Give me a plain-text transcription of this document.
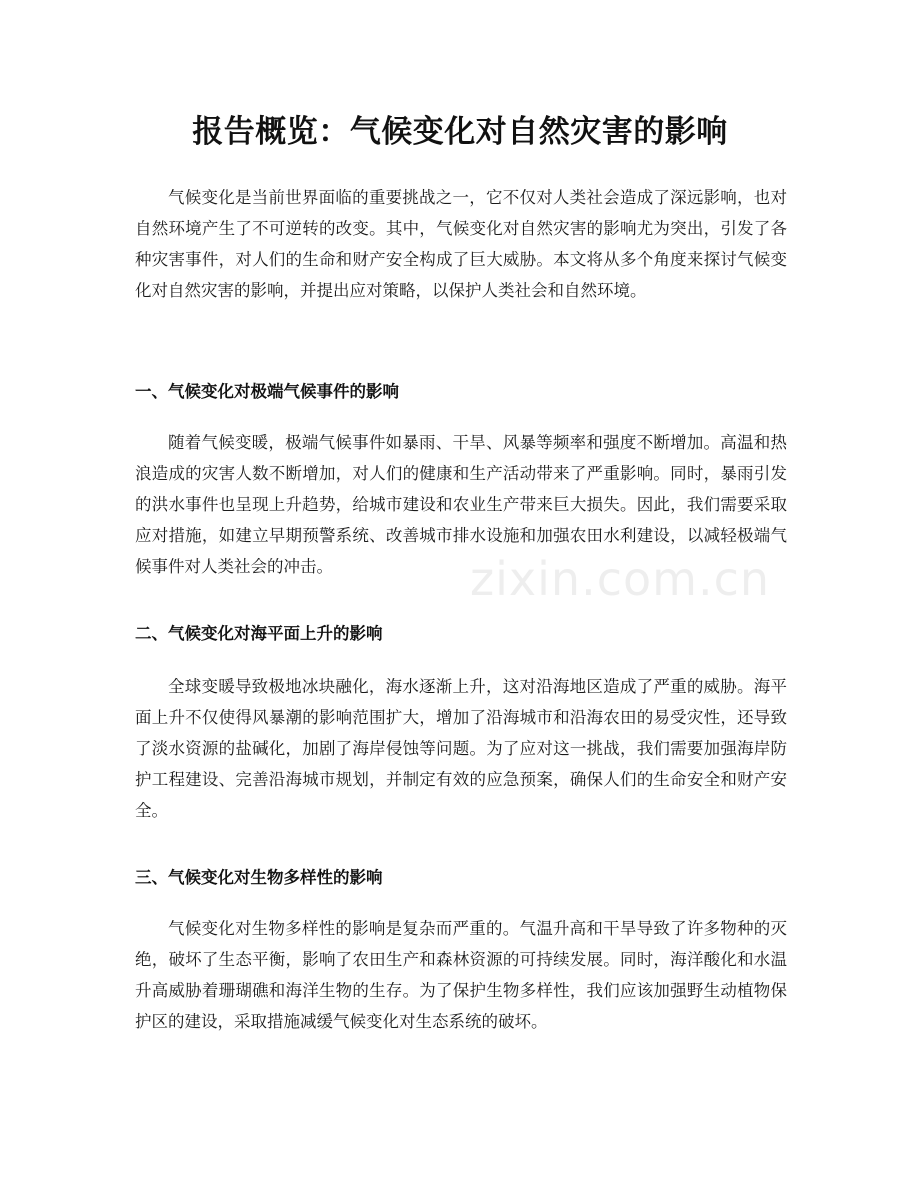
报告概览：气候变化对自然灾害的影响

气候变化是当前世界面临的重要挑战之一，它不仅对人类社会造成了深远影响，也对自然环境产生了不可逆转的改变。其中，气候变化对自然灾害的影响尤为突出，引发了各种灾害事件，对人们的生命和财产安全构成了巨大威胁。本文将从多个角度来探讨气候变化对自然灾害的影响，并提出应对策略，以保护人类社会和自然环境。

一、气候变化对极端气候事件的影响

随着气候变暖，极端气候事件如暴雨、干旱、风暴等频率和强度不断增加。高温和热浪造成的灾害人数不断增加，对人们的健康和生产活动带来了严重影响。同时，暴雨引发的洪水事件也呈现上升趋势，给城市建设和农业生产带来巨大损失。因此，我们需要采取应对措施，如建立早期预警系统、改善城市排水设施和加强农田水利建设，以减轻极端气候事件对人类社会的冲击。

二、气候变化对海平面上升的影响

全球变暖导致极地冰块融化，海水逐渐上升，这对沿海地区造成了严重的威胁。海平面上升不仅使得风暴潮的影响范围扩大，增加了沿海城市和沿海农田的易受灾性，还导致了淡水资源的盐碱化，加剧了海岸侵蚀等问题。为了应对这一挑战，我们需要加强海岸防护工程建设、完善沿海城市规划，并制定有效的应急预案，确保人们的生命安全和财产安全。

三、气候变化对生物多样性的影响

气候变化对生物多样性的影响是复杂而严重的。气温升高和干旱导致了许多物种的灭绝，破坏了生态平衡，影响了农田生产和森林资源的可持续发展。同时，海洋酸化和水温升高威胁着珊瑚礁和海洋生物的生存。为了保护生物多样性，我们应该加强野生动植物保护区的建设，采取措施减缓气候变化对生态系统的破坏。

zixin.com.cn
